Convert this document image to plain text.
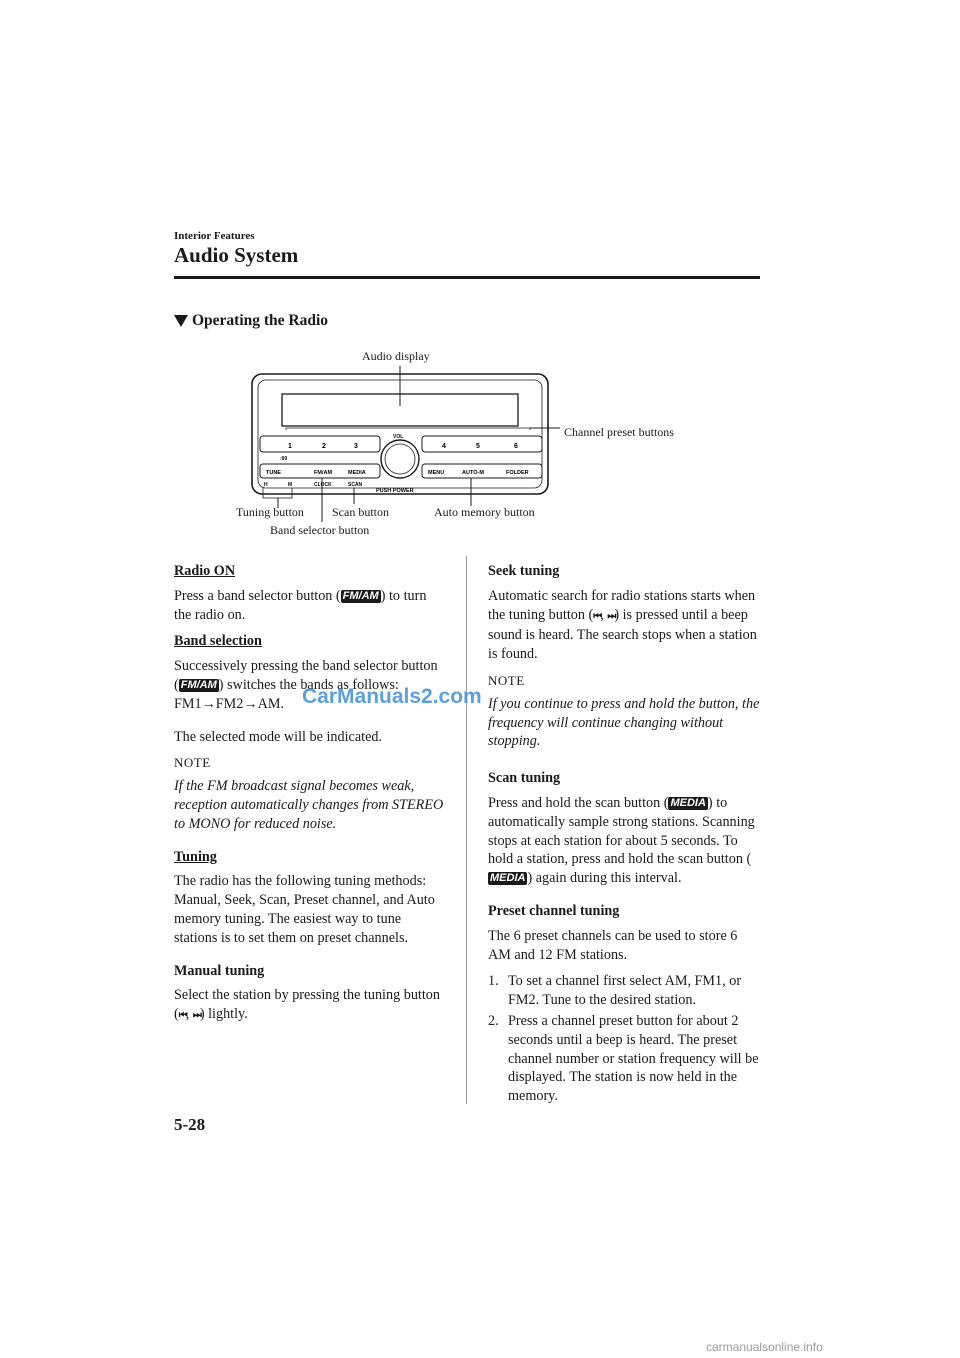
Interior Features
Audio System
Operating the Radio
1	2	3
:00
4	5	6
VOL
TUNE	FM/AM	MEDIA
H	M	CLOCK	SCAN
PUSH POWER
MENU	AUTO-M	FOLDER
Audio display
Channel preset buttons
Tuning button Scan button
Band selector button
Auto memory button
Radio ON

Press a band selector button ( FM/AM ) to turn the radio on.

Band selection

Successively pressing the band selector button ( FM/AM ) switches the bands as follows: FM1→FM2→AM.

The selected mode will be indicated.

NOTE

If the FM broadcast signal becomes weak, reception automatically changes from STEREO to MONO for reduced noise.

Tuning

The radio has the following tuning methods: Manual, Seek, Scan, Preset channel, and Auto memory tuning. The easiest way to tune stations is to set them on preset channels.

Manual tuning

Select the station by pressing the tuning button (⏮, ⏭) lightly.

Seek tuning

Automatic search for radio stations starts when the tuning button (⏮, ⏭) is pressed until a beep sound is heard. The search stops when a station is found.

NOTE

If you continue to press and hold the button, the frequency will continue changing without stopping.

Scan tuning

Press and hold the scan button ( MEDIA ) to automatically sample strong stations. Scanning stops at each station for about 5 seconds. To hold a station, press and hold the scan button (MEDIA ) again during this interval.

Preset channel tuning

The 6 preset channels can be used to store 6 AM and 12 FM stations.

1. To set a channel first select AM, FM1, or FM2. Tune to the desired station.
2. Press a channel preset button for about 2 seconds until a beep is heard. The preset channel number or station frequency will be displayed. The station is now held in the memory.
CarManuals2.com
5-28
carmanualsonline.info
